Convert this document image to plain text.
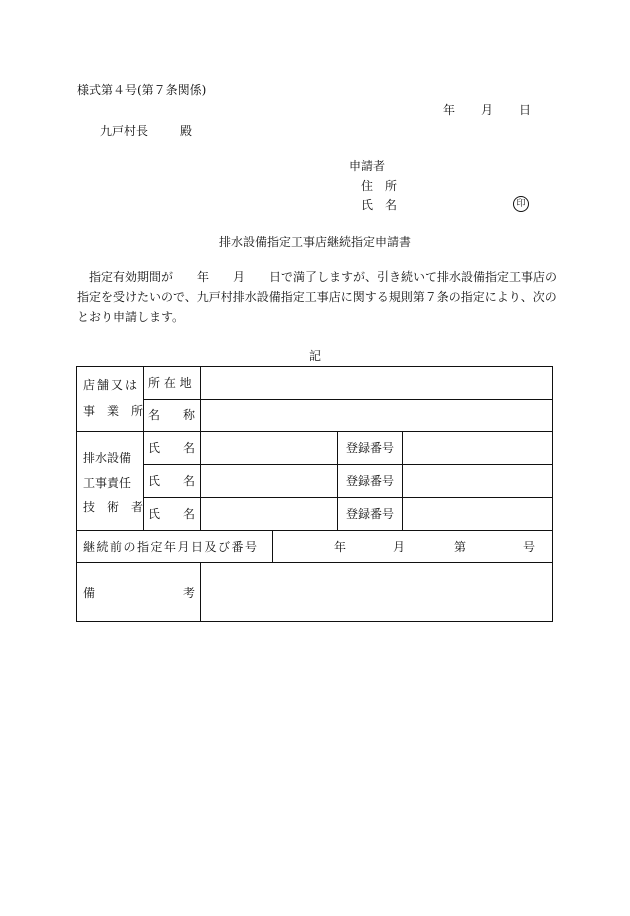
様式第４号(第７条関係)
年 月 日
九戸村長	殿
申請者
住　所
氏　名	印
排水設備指定工事店継続指定申請書
指定有効期間が 年 月 日で満了しますが、引き続いて排水設備指定工事店の
指定を受けたいので、九戸村排水設備指定工事店に関する規則第７条の指定により、次の
とおり申請します。
記
店舗又は
事　業　所
所 在 地
名 称
排水設備
工事責任
技　術　者
氏 名	登録番号
氏 名	登録番号
氏 名	登録番号
継続前の指定年月日及び番号	年	月	第	号
備	考
